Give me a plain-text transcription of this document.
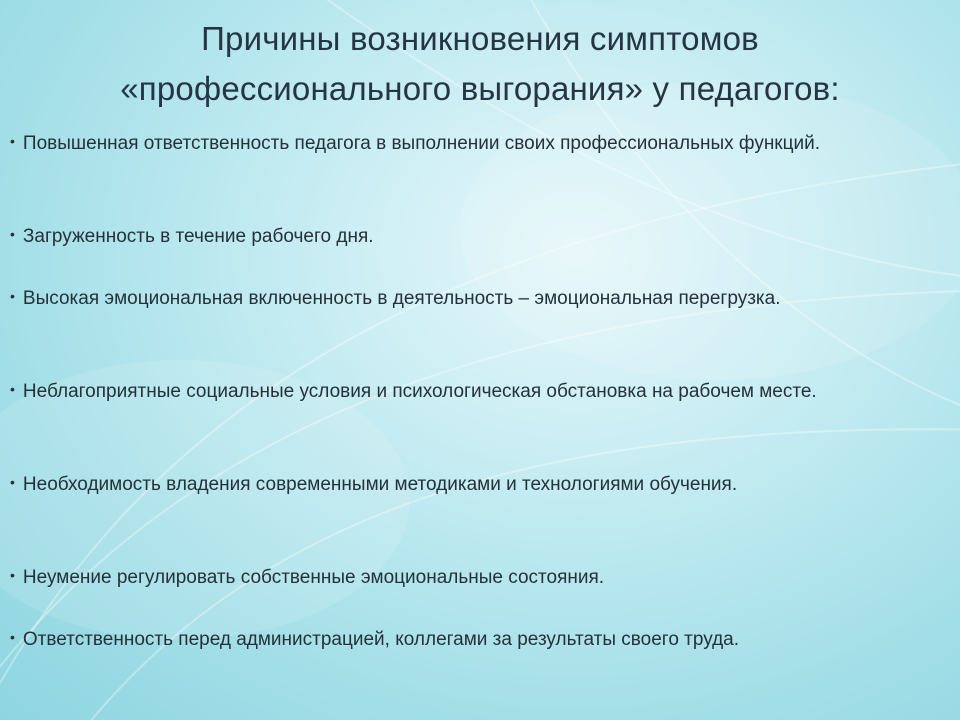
Причины возникновения симптомов
«профессионального выгорания» у педагогов:
• Повышенная ответственность педагога в выполнении своих профессиональных функций.
• Загруженность в течение рабочего дня.
• Высокая эмоциональная включенность в деятельность – эмоциональная перегрузка.
• Неблагоприятные социальные условия и психологическая обстановка на рабочем месте.
• Необходимость владения современными методиками и технологиями обучения.
• Неумение регулировать собственные эмоциональные состояния.
• Ответственность перед администрацией, коллегами за результаты своего труда.
